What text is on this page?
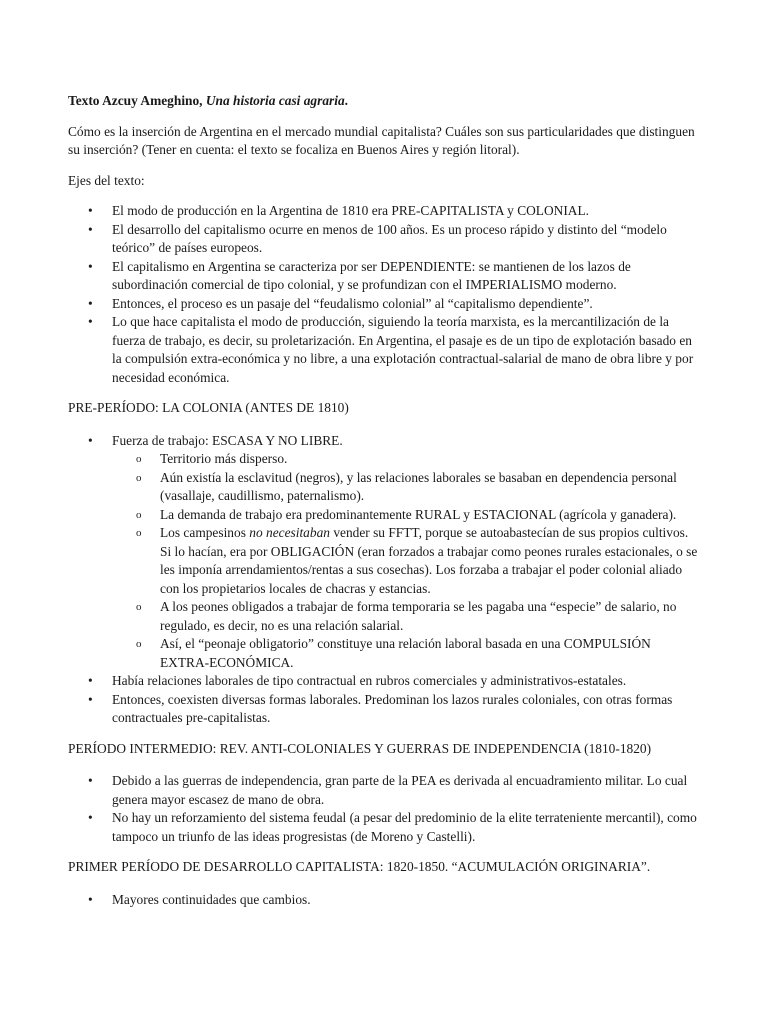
Texto Azcuy Ameghino, Una historia casi agraria.

Cómo es la inserción de Argentina en el mercado mundial capitalista? Cuáles son sus particularidades que distinguen su inserción? (Tener en cuenta: el texto se focaliza en Buenos Aires y región litoral).

Ejes del texto:

• El modo de producción en la Argentina de 1810 era PRE-CAPITALISTA y COLONIAL.
• El desarrollo del capitalismo ocurre en menos de 100 años. Es un proceso rápido y distinto del “modelo teórico” de países europeos.
• El capitalismo en Argentina se caracteriza por ser DEPENDIENTE: se mantienen de los lazos de subordinación comercial de tipo colonial, y se profundizan con el IMPERIALISMO moderno.
• Entonces, el proceso es un pasaje del “feudalismo colonial” al “capitalismo dependiente”.
• Lo que hace capitalista el modo de producción, siguiendo la teoría marxista, es la mercantilización de la fuerza de trabajo, es decir, su proletarización. En Argentina, el pasaje es de un tipo de explotación basado en la compulsión extra-económica y no libre, a una explotación contractual-salarial de mano de obra libre y por necesidad económica.

PRE-PERÍODO: LA COLONIA (ANTES DE 1810)

• Fuerza de trabajo: ESCASA Y NO LIBRE.
o Territorio más disperso.
o Aún existía la esclavitud (negros), y las relaciones laborales se basaban en dependencia personal (vasallaje, caudillismo, paternalismo).
o La demanda de trabajo era predominantemente RURAL y ESTACIONAL (agrícola y ganadera).
o Los campesinos no necesitaban vender su FFTT, porque se autoabastecían de sus propios cultivos. Si lo hacían, era por OBLIGACIÓN (eran forzados a trabajar como peones rurales estacionales, o se les imponía arrendamientos/rentas a sus cosechas). Los forzaba a trabajar el poder colonial aliado con los propietarios locales de chacras y estancias.
o A los peones obligados a trabajar de forma temporaria se les pagaba una “especie” de salario, no regulado, es decir, no es una relación salarial.
o Así, el “peonaje obligatorio” constituye una relación laboral basada en una COMPULSIÓN EXTRA-ECONÓMICA.
• Había relaciones laborales de tipo contractual en rubros comerciales y administrativos-estatales.
• Entonces, coexisten diversas formas laborales. Predominan los lazos rurales coloniales, con otras formas contractuales pre-capitalistas.

PERÍODO INTERMEDIO: REV. ANTI-COLONIALES Y GUERRAS DE INDEPENDENCIA (1810-1820)

• Debido a las guerras de independencia, gran parte de la PEA es derivada al encuadramiento militar. Lo cual genera mayor escasez de mano de obra.
• No hay un reforzamiento del sistema feudal (a pesar del predominio de la elite terrateniente mercantil), como tampoco un triunfo de las ideas progresistas (de Moreno y Castelli).

PRIMER PERÍODO DE DESARROLLO CAPITALISTA: 1820-1850. “ACUMULACIÓN ORIGINARIA”.

• Mayores continuidades que cambios.
